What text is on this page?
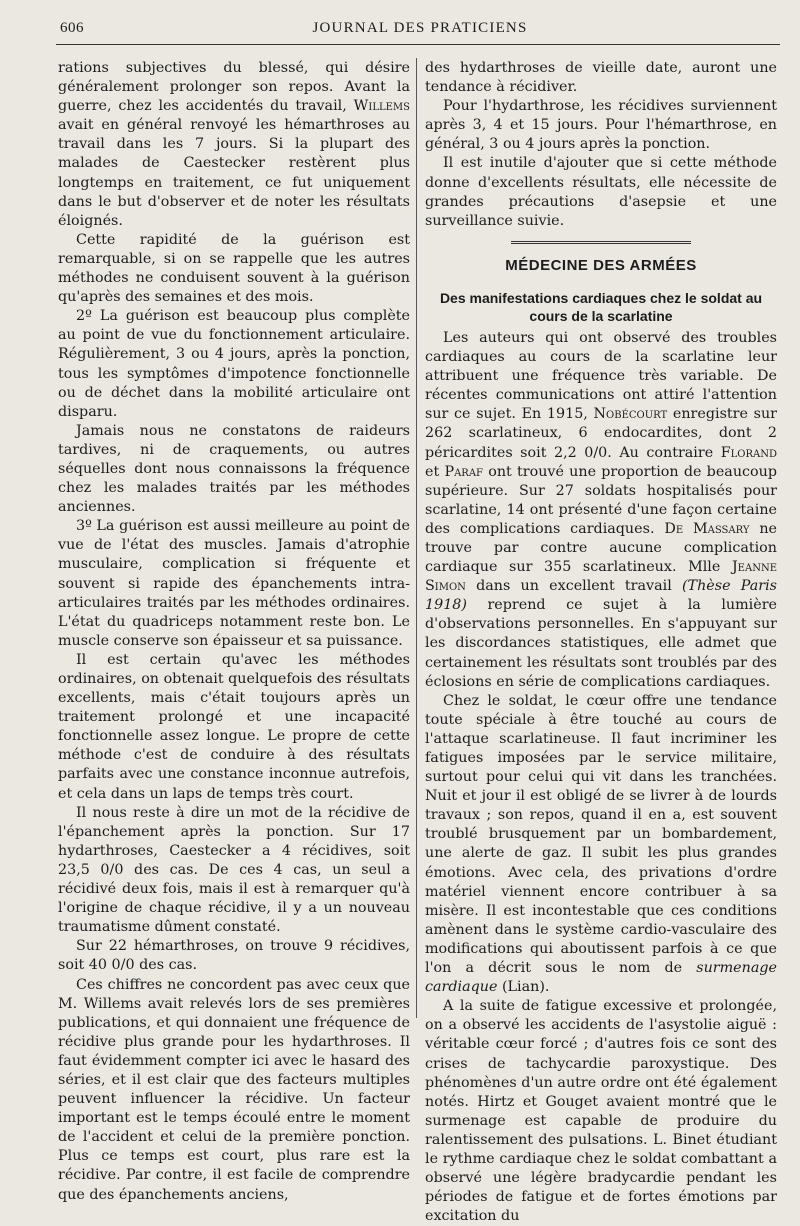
606	JOURNAL DES PRATICIENS

rations subjectives du blessé, qui désire généralement prolonger son repos. Avant la guerre, chez les accidentés du travail, Willems avait en général renvoyé les hémarthroses au travail dans les 7 jours. Si la plupart des malades de Caestecker restèrent plus longtemps en traitement, ce fut uniquement dans le but d'observer et de noter les résultats éloignés.

Cette rapidité de la guérison est remarquable, si on se rappelle que les autres méthodes ne conduisent souvent à la guérison qu'après des semaines et des mois.

2º La guérison est beaucoup plus complète au point de vue du fonctionnement articulaire. Régulièrement, 3 ou 4 jours, après la ponction, tous les symptômes d'impotence fonctionnelle ou de déchet dans la mobilité articulaire ont disparu.

Jamais nous ne constatons de raideurs tardives, ni de craquements, ou autres séquelles dont nous connaissons la fréquence chez les malades traités par les méthodes anciennes.

3º La guérison est aussi meilleure au point de vue de l'état des muscles. Jamais d'atrophie musculaire, complication si fréquente et souvent si rapide des épanchements intra-articulaires traités par les méthodes ordinaires. L'état du quadriceps notamment reste bon. Le muscle conserve son épaisseur et sa puissance.

Il est certain qu'avec les méthodes ordinaires, on obtenait quelquefois des résultats excellents, mais c'était toujours après un traitement prolongé et une incapacité fonctionnelle assez longue. Le propre de cette méthode c'est de conduire à des résultats parfaits avec une constance inconnue autrefois, et cela dans un laps de temps très court.

Il nous reste à dire un mot de la récidive de l'épanchement après la ponction. Sur 17 hydarthroses, Caestecker a 4 récidives, soit 23,5 0/0 des cas. De ces 4 cas, un seul a récidivé deux fois, mais il est à remarquer qu'à l'origine de chaque récidive, il y a un nouveau traumatisme dûment constaté.

Sur 22 hémarthroses, on trouve 9 récidives, soit 40 0/0 des cas.

Ces chiffres ne concordent pas avec ceux que M. Willems avait relevés lors de ses premières publications, et qui donnaient une fréquence de récidive plus grande pour les hydarthroses. Il faut évidemment compter ici avec le hasard des séries, et il est clair que des facteurs multiples peuvent influencer la récidive. Un facteur important est le temps écoulé entre le moment de l'accident et celui de la première ponction. Plus ce temps est court, plus rare est la récidive. Par contre, il est facile de comprendre que des épanchements anciens,

des hydarthroses de vieille date, auront une tendance à récidiver.

Pour l'hydarthrose, les récidives surviennent après 3, 4 et 15 jours. Pour l'hémarthrose, en général, 3 ou 4 jours après la ponction.

Il est inutile d'ajouter que si cette méthode donne d'excellents résultats, elle nécessite de grandes précautions d'asepsie et une surveillance suivie.

MÉDECINE DES ARMÉES
Des manifestations cardiaques chez le soldat au cours de la scarlatine

Les auteurs qui ont observé des troubles cardiaques au cours de la scarlatine leur attribuent une fréquence très variable. De récentes communications ont attiré l'attention sur ce sujet. En 1915, Nobécourt enregistre sur 262 scarlatineux, 6 endocardites, dont 2 péricardites soit 2,2 0/0. Au contraire Florand et Paraf ont trouvé une proportion de beaucoup supérieure. Sur 27 soldats hospitalisés pour scarlatine, 14 ont présenté d'une façon certaine des complications cardiaques. De Massary ne trouve par contre aucune complication cardiaque sur 355 scarlatineux. Mlle Jeanne Simon dans un excellent travail (Thèse Paris 1918) reprend ce sujet à la lumière d'observations personnelles. En s'appuyant sur les discordances statistiques, elle admet que certainement les résultats sont troublés par des éclosions en série de complications cardiaques.

Chez le soldat, le cœur offre une tendance toute spéciale à être touché au cours de l'attaque scarlatineuse. Il faut incriminer les fatigues imposées par le service militaire, surtout pour celui qui vit dans les tranchées. Nuit et jour il est obligé de se livrer à de lourds travaux ; son repos, quand il en a, est souvent troublé brusquement par un bombardement, une alerte de gaz. Il subit les plus grandes émotions. Avec cela, des privations d'ordre matériel viennent encore contribuer à sa misère. Il est incontestable que ces conditions amènent dans le système cardio-vasculaire des modifications qui aboutissent parfois à ce que l'on a décrit sous le nom de surmenage cardiaque (Lian).

A la suite de fatigue excessive et prolongée, on a observé les accidents de l'asystolie aiguë : véritable cœur forcé ; d'autres fois ce sont des crises de tachycardie paroxystique. Des phénomènes d'un autre ordre ont été également notés. Hirtz et Gouget avaient montré que le surmenage est capable de produire du ralentissement des pulsations. L. Binet étudiant le rythme cardiaque chez le soldat combattant a observé une légère bradycardie pendant les périodes de fatigue et de fortes émotions par excitation du
